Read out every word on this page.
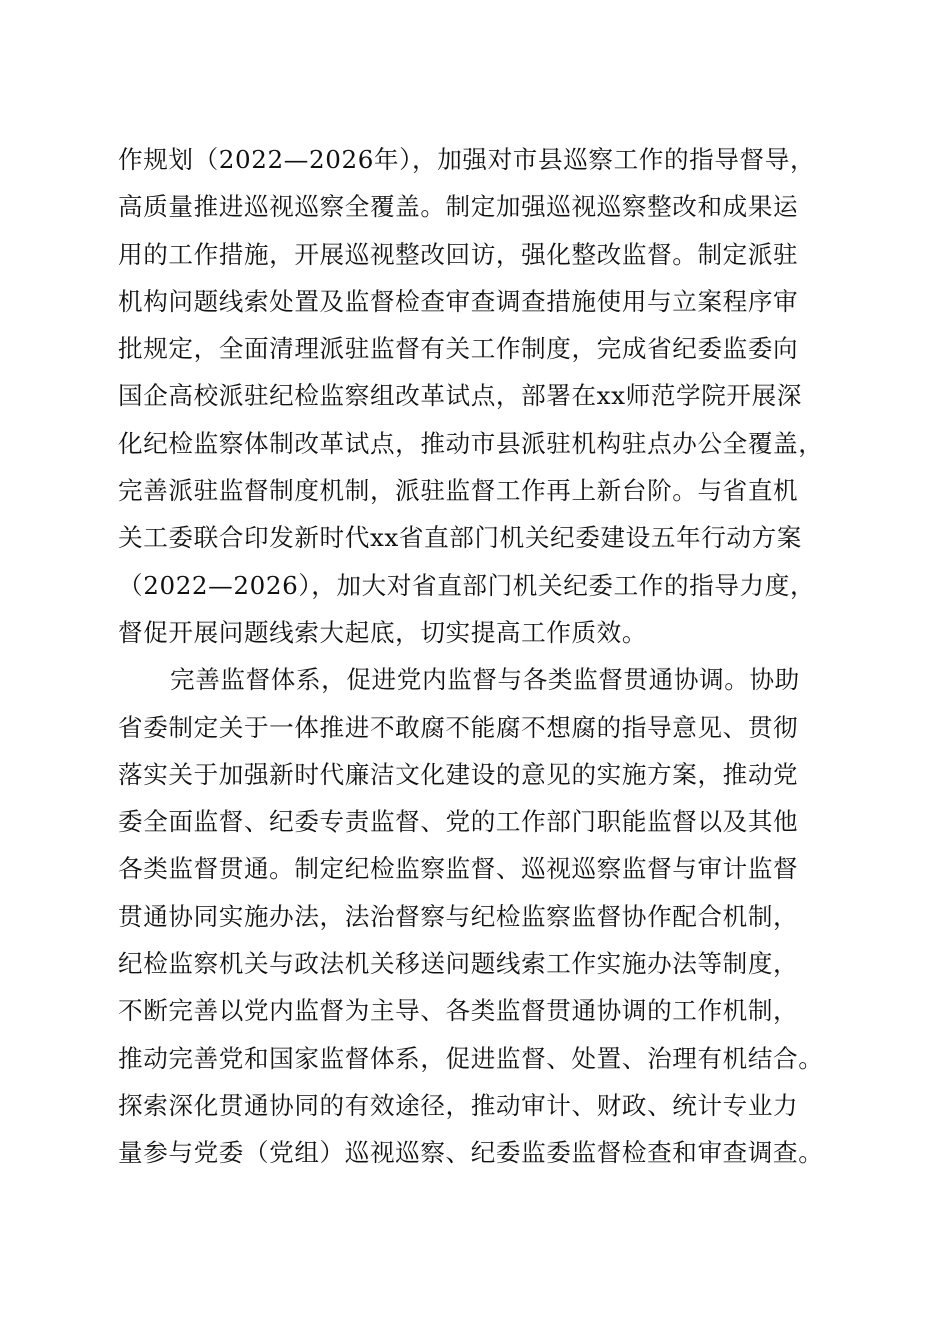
作规划（2022—2026年），加强对市县巡察工作的指导督导，
高质量推进巡视巡察全覆盖。制定加强巡视巡察整改和成果运
用的工作措施，开展巡视整改回访，强化整改监督。制定派驻
机构问题线索处置及监督检查审查调查措施使用与立案程序审
批规定，全面清理派驻监督有关工作制度，完成省纪委监委向
国企高校派驻纪检监察组改革试点，部署在xx师范学院开展深
化纪检监察体制改革试点，推动市县派驻机构驻点办公全覆盖，
完善派驻监督制度机制，派驻监督工作再上新台阶。与省直机
关工委联合印发新时代xx省直部门机关纪委建设五年行动方案
（2022—2026），加大对省直部门机关纪委工作的指导力度，
督促开展问题线索大起底，切实提高工作质效。
完善监督体系，促进党内监督与各类监督贯通协调。协助
省委制定关于一体推进不敢腐不能腐不想腐的指导意见、贯彻
落实关于加强新时代廉洁文化建设的意见的实施方案，推动党
委全面监督、纪委专责监督、党的工作部门职能监督以及其他
各类监督贯通。制定纪检监察监督、巡视巡察监督与审计监督
贯通协同实施办法，法治督察与纪检监察监督协作配合机制，
纪检监察机关与政法机关移送问题线索工作实施办法等制度，
不断完善以党内监督为主导、各类监督贯通协调的工作机制，
推动完善党和国家监督体系，促进监督、处置、治理有机结合。
探索深化贯通协同的有效途径，推动审计、财政、统计专业力
量参与党委（党组）巡视巡察、纪委监委监督检查和审查调查。
